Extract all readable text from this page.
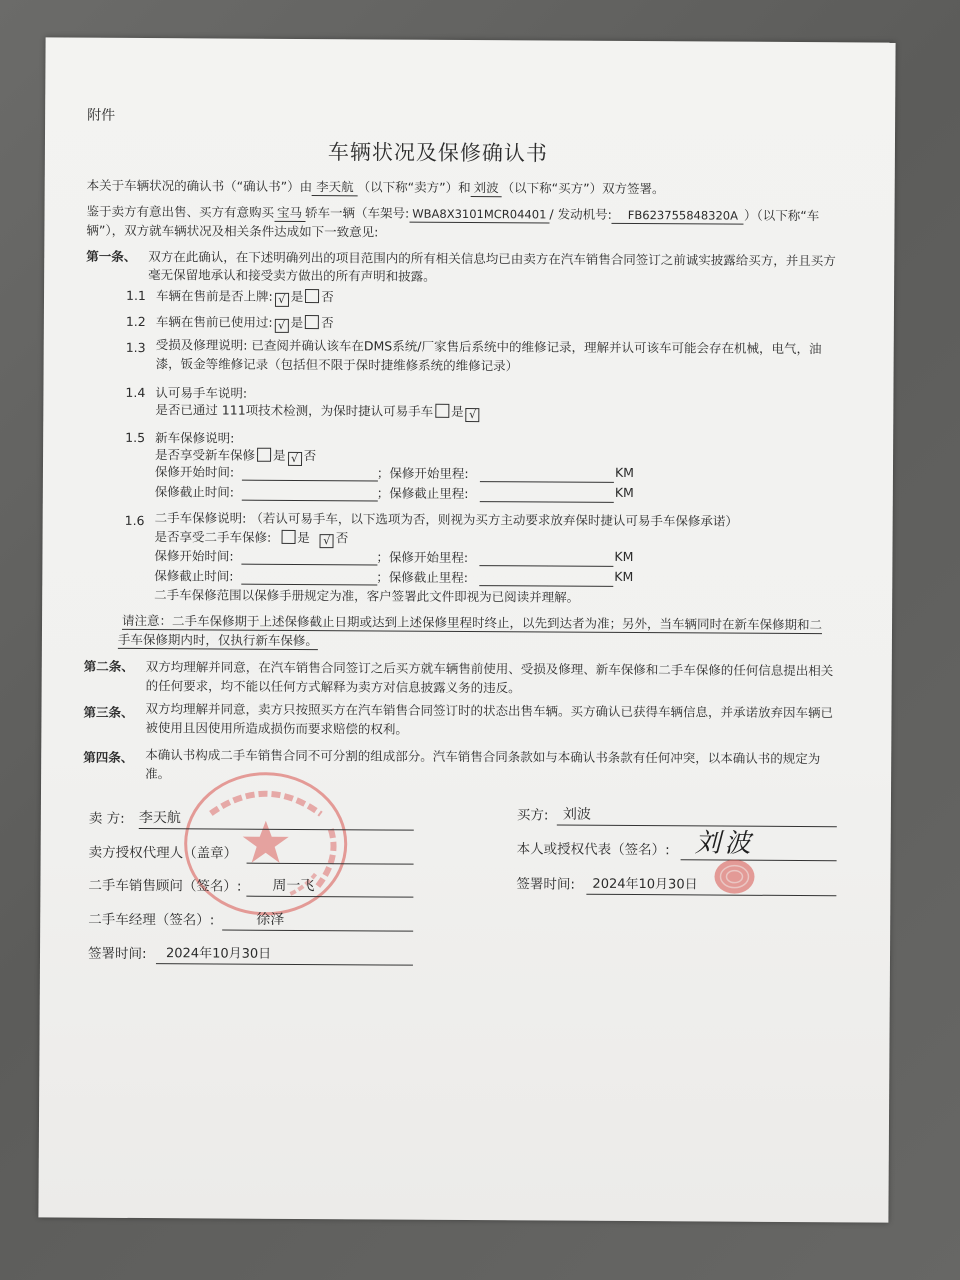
附件
车辆状况及保修确认书
本关于车辆状况的确认书（“确认书”）由 李天航 （以下称“卖方”）和 刘波 （以下称“买方”）双方签署。
鉴于卖方有意出售、买方有意购买 宝马 轿车一辆（车架号: WBA8X3101MCR04401 / 发动机号: FB623755848320A ）（以下称“车
辆”），双方就车辆状况及相关条件达成如下一致意见:
第一条、 双方在此确认，在下述明确列出的项目范围内的所有相关信息均已由卖方在汽车销售合同签订之前诚实披露给买方，并且买方
毫无保留地承认和接受卖方做出的所有声明和披露。
1.1 车辆在售前是否上牌: √ 是 否
1.2 车辆在售前已使用过: √ 是 否
1.3 受损及修理说明: 已查阅并确认该车在DMS系统/厂家售后系统中的维修记录，理解并认可该车可能会存在机械，电气，油
漆，钣金等维修记录（包括但不限于保时捷维修系统的维修记录）
1.4 认可易手车说明:
是否已通过 111项技术检测，为保时捷认可易手车 是 √
1.5 新车保修说明:
是否享受新车保修 是 √ 否
保修开始时间:	；保修开始里程:	KM
保修截止时间:	；保修截止里程:	KM
1.6 二手车保修说明: （若认可易手车，以下选项为否，则视为买方主动要求放弃保时捷认可易手车保修承诺）
是否享受二手车保修: 是 √ 否
保修开始时间:	；保修开始里程:	KM
保修截止时间:	；保修截止里程:	KM
二手车保修范围以保修手册规定为准，客户签署此文件即视为已阅读并理解。
请注意：二手车保修期于上述保修截止日期或达到上述保修里程时终止，以先到达者为准；另外，当车辆同时在新车保修期和二
手车保修期内时，仅执行新车保修。
第二条、 双方均理解并同意，在汽车销售合同签订之后买方就车辆售前使用、受损及修理、新车保修和二手车保修的任何信息提出相关
的任何要求，均不能以任何方式解释为卖方对信息披露义务的违反。
第三条、 双方均理解并同意，卖方只按照买方在汽车销售合同签订时的状态出售车辆。买方确认已获得车辆信息，并承诺放弃因车辆已
被使用且因使用所造成损伤而要求赔偿的权利。
第四条、 本确认书构成二手车销售合同不可分割的组成部分。汽车销售合同条款如与本确认书条款有任何冲突，以本确认书的规定为
准。
卖 方: 李天航
卖方授权代理人（盖章）
二手车销售顾问（签名）: 周一飞
二手车经理（签名）:	徐泽
签署时间: 2024年10月30日
买方: 刘波
本人或授权代表（签名）: 刘波
签署时间: 2024年10月30日
